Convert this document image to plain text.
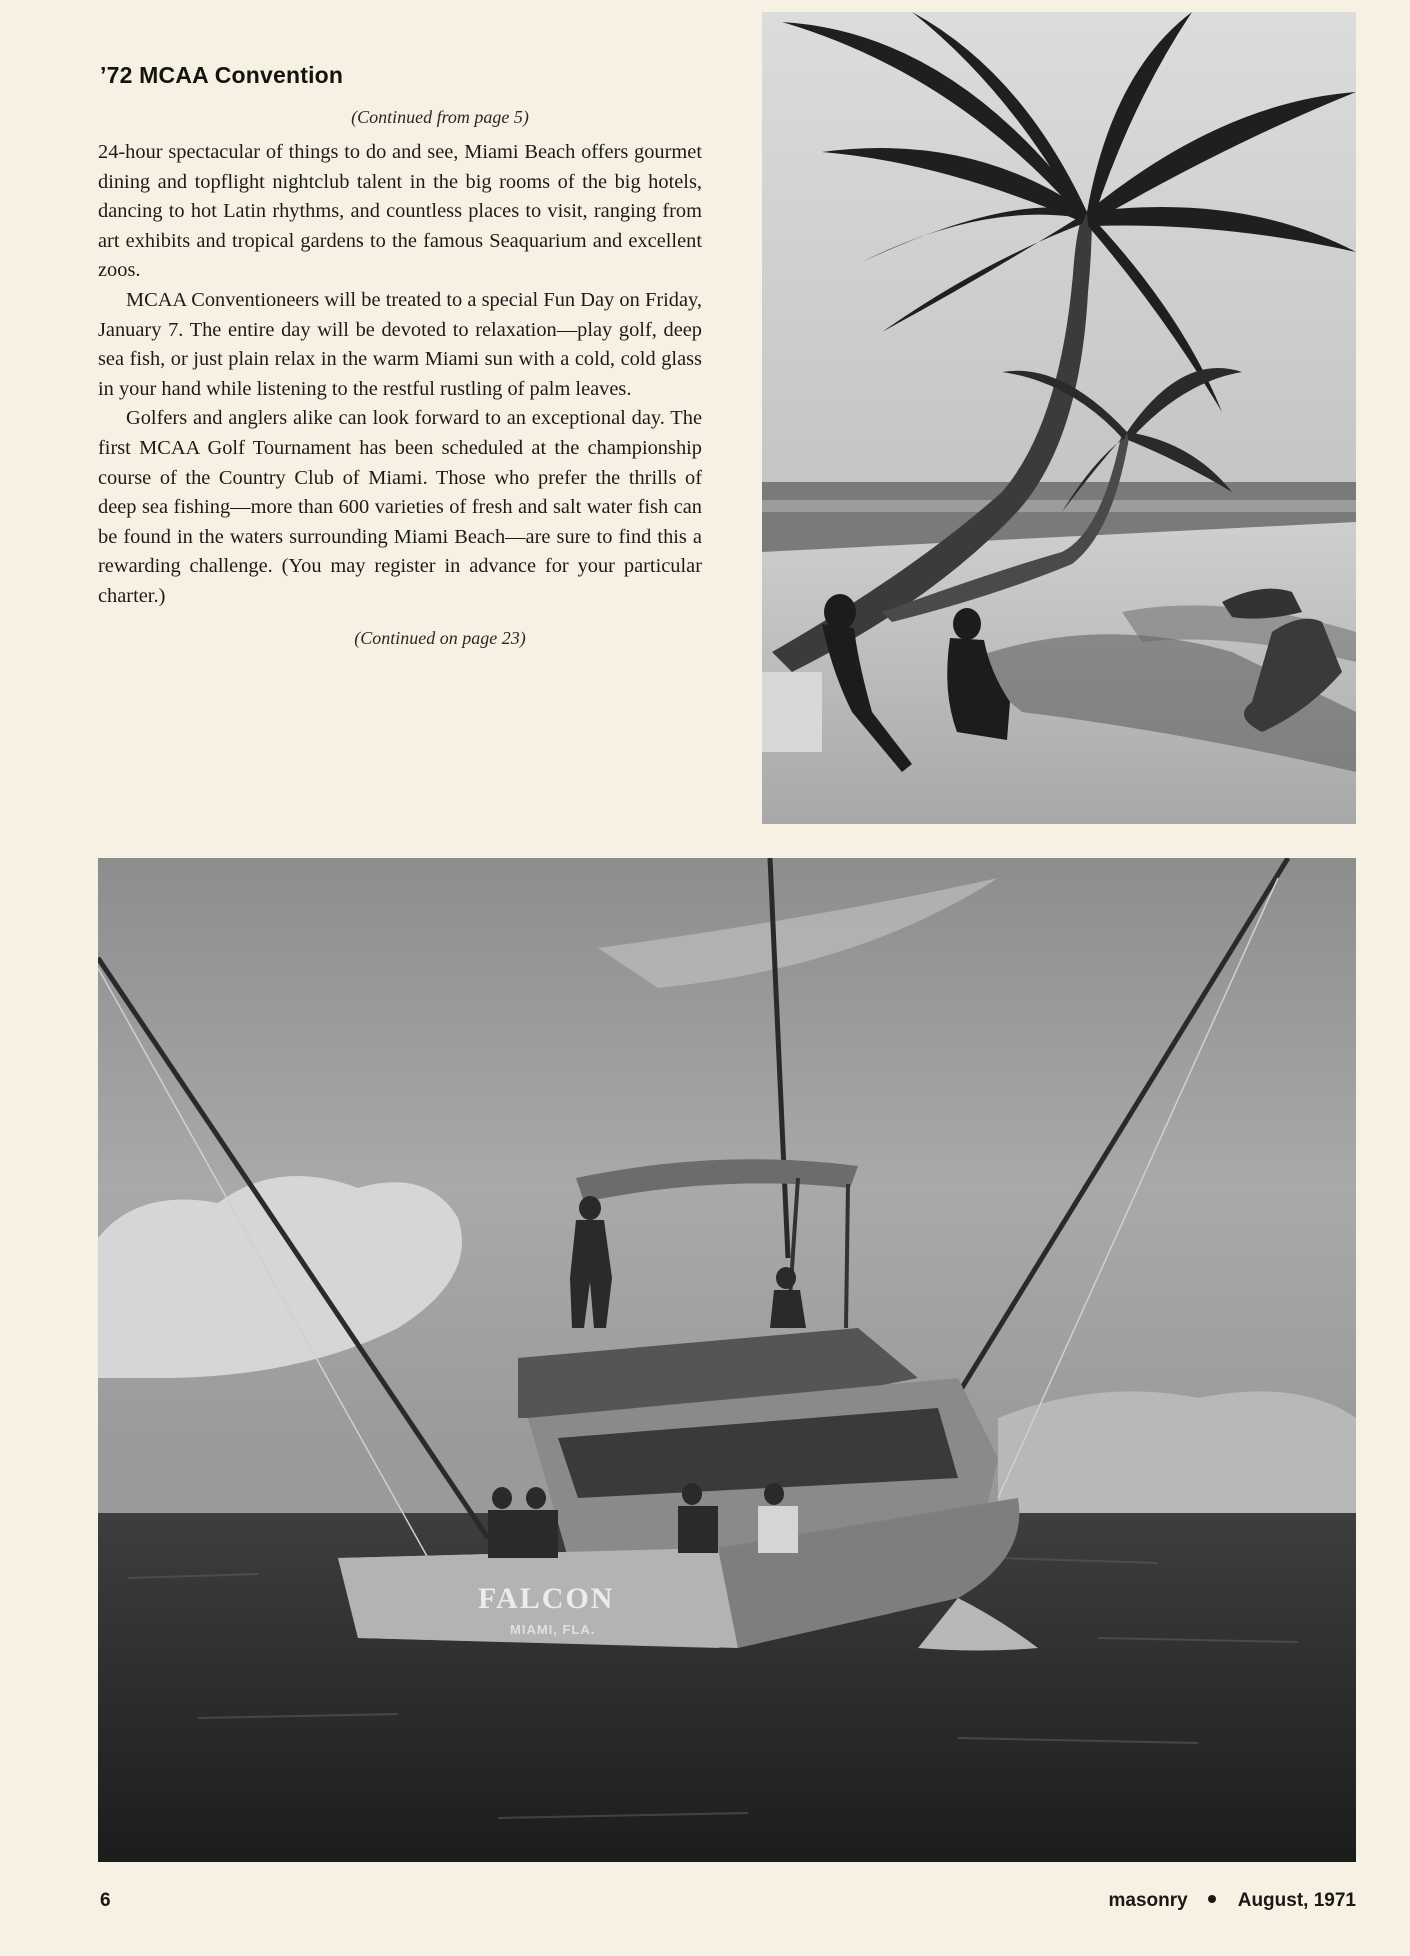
’72 MCAA Convention

(Continued from page 5)

24-hour spectacular of things to do and see, Miami Beach offers gourmet dining and topflight nightclub talent in the big rooms of the big hotels, dancing to hot Latin rhythms, and countless places to visit, ranging from art exhibits and tropical gardens to the famous Seaquarium and excellent zoos.

MCAA Conventioneers will be treated to a special Fun Day on Friday, January 7. The entire day will be devoted to relaxation—play golf, deep sea fish, or just plain relax in the warm Miami sun with a cold, cold glass in your hand while listening to the restful rustling of palm leaves.

Golfers and anglers alike can look forward to an exceptional day. The first MCAA Golf Tournament has been scheduled at the championship course of the Country Club of Miami. Those who prefer the thrills of deep sea fishing—more than 600 varieties of fresh and salt water fish can be found in the waters surrounding Miami Beach—are sure to find this a rewarding challenge. (You may register in advance for your particular charter.)

(Continued on page 23)

FALCON
MIAMI, FLA.
6	masonry	August, 1971
